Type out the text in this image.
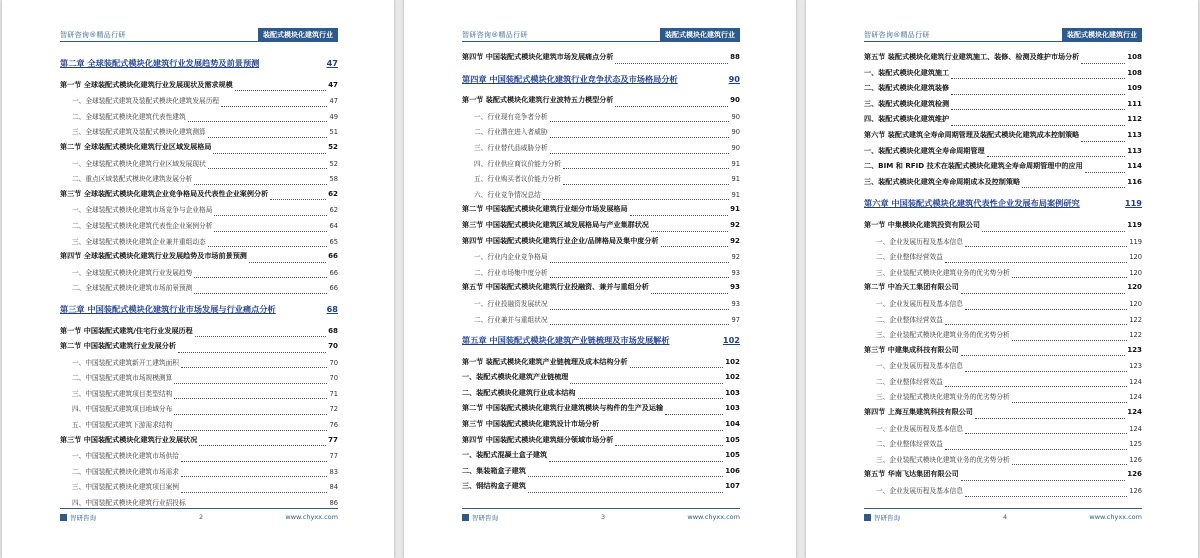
智研咨询®精品行研	装配式模块化建筑行业
第二章 全球装配式模块化建筑行业发展趋势及前景预测	47
第一节 全球装配式模块化建筑行业发展现状及需求规模	47
一、全球装配式建筑及装配式模块化建筑发展历程	47
二、全球装配式模块化建筑代表性建筑	49
三、全球装配式建筑及装配式模块化建筑测算	51
第二节 全球装配式模块化建筑行业区域发展格局	52
一、全球装配式模块化建筑行业区域发展现状	52
二、重点区域装配式模块化建筑发展分析	58
第三节 全球装配式模块化建筑企业竞争格局及代表性企业案例分析	62
一、全球装配式模块化建筑市场竞争与企业格局	62
二、全球装配式模块化建筑代表性企业案例分析	64
三、全球装配式模块化建筑企业兼并重组动态	65
第四节 全球装配式模块化建筑行业发展趋势及市场前景预测	66
一、全球装配式模块化建筑行业发展趋势	66
二、全球装配式模块化建筑市场前景预测	66
第三章 中国装配式模块化建筑行业市场发展与行业痛点分析	68
第一节 中国装配式建筑/住宅行业发展历程	68
第二节 中国装配式建筑行业发展分析	70
一、中国装配式建筑新开工建筑面积	70
二、中国装配式建筑市场规模测算	70
三、中国装配式建筑项目类型结构	71
四、中国装配式建筑项目地域分布	72
五、中国装配式建筑下游需求结构	76
第三节 中国装配式模块化建筑行业发展状况	77
一、中国装配式模块化建筑市场供给	77
二、中国装配式模块化建筑市场需求	83
三、中国装配式模块化建筑项目案例	84
四、中国装配式模块化建筑行业招投标	86
智研咨询	2	www.chyxx.com
智研咨询®精品行研	装配式模块化建筑行业
第四节 中国装配式模块化建筑市场发展痛点分析	88
第四章 中国装配式模块化建筑行业竞争状态及市场格局分析	90
第一节 装配式模块化建筑行业波特五力模型分析	90
一、行业现有竞争者分析	90
二、行业潜在进入者威胁	90
三、行业替代品威胁分析	90
四、行业供应商议价能力分析	91
五、行业购买者议价能力分析	91
六、行业竞争情况总结	91
第二节 中国装配式模块化建筑行业细分市场发展格局	91
第三节 中国装配式模块化建筑区域发展格局与产业集群状况	92
第四节 中国装配式模块化建筑行业企业/品牌格局及集中度分析	92
一、行业内企业竞争格局	92
二、行业市场集中度分析	93
第五节 中国装配式模块化建筑行业投融资、兼并与重组分析	93
一、行业投融资发展状况	93
二、行业兼并与重组状况	97
第五章 中国装配式模块化建筑产业链梳理及市场发展解析	102
第一节 装配式模块化建筑产业链梳理及成本结构分析	102
一、装配式模块化建筑产业链梳理	102
二、装配式模块化建筑行业成本结构	103
第二节 中国装配式模块化建筑行业建筑模块与构件的生产及运输	103
第三节 中国装配式模块化建筑设计市场分析	104
第四节 中国装配式模块化建筑细分领域市场分析	105
一、装配式混凝土盒子建筑	105
二、集装箱盒子建筑	106
三、钢结构盒子建筑	107
智研咨询	3	www.chyxx.com
智研咨询®精品行研	装配式模块化建筑行业
第五节 装配式模块化建筑行业建筑施工、装修、检测及维护市场分析	108
一、装配式模块化建筑施工	108
二、装配式模块化建筑装修	109
三、装配式模块化建筑检测	111
四、装配式模块化建筑维护	112
第六节 装配式建筑全寿命周期管理及装配式模块化建筑成本控制策略	113
一、装配式模块化建筑全寿命周期管理	113
二、BIM 和 RFID 技术在装配式模块化建筑全寿命周期管理中的应用	114
三、装配式模块化建筑全寿命周期成本及控制策略	116
第六章 中国装配式模块化建筑代表性企业发展布局案例研究	119
第一节 中集模块化建筑投资有限公司	119
一、企业发展历程及基本信息	119
二、企业整体经营效益	120
三、企业装配式模块化建筑业务的优劣势分析	120
第二节 中冶天工集团有限公司	120
一、企业发展历程及基本信息	120
二、企业整体经营效益	122
三、企业装配式模块化建筑业务的优劣势分析	122
第三节 中建集成科技有限公司	123
一、企业发展历程及基本信息	123
二、企业整体经营效益	124
三、企业装配式模块化建筑业务的优劣势分析	124
第四节 上海互集建筑科技有限公司	124
一、企业发展历程及基本信息	124
二、企业整体经营效益	125
三、企业装配式模块化建筑业务的优劣势分析	126
第五节 华南飞达集团有限公司	126
一、企业发展历程及基本信息	126
智研咨询	4	www.chyxx.com
